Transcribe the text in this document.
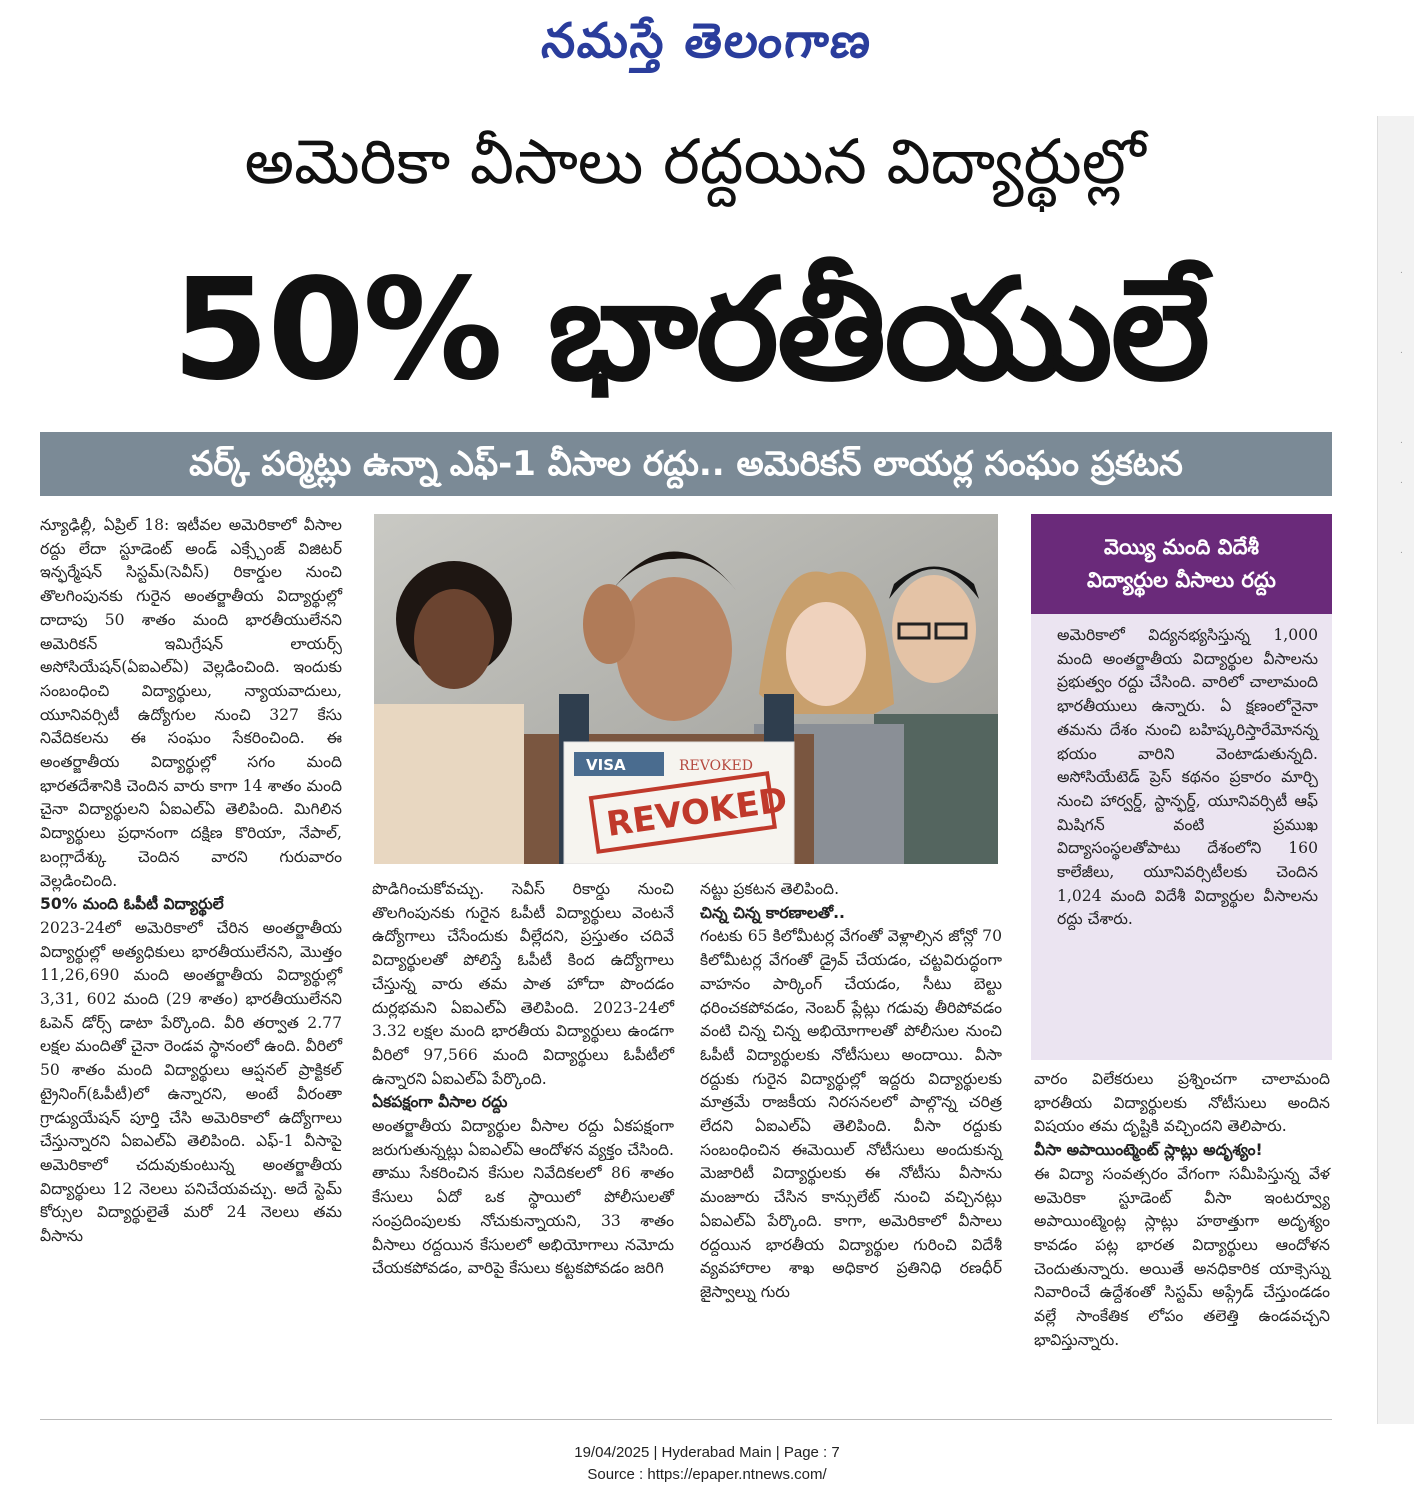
నమస్తే తెలంగాణ
.
.
.
.
.
అమెరికా వీసాలు రద్దయిన విద్యార్థుల్లో
50% భారతీయులే
వర్క్ పర్మిట్లు ఉన్నా ఎఫ్-1 వీసాల రద్దు.. అమెరికన్ లాయర్ల సంఘం ప్రకటన

న్యూఢిల్లీ, ఏప్రిల్ 18: ఇటీవల అమెరికాలో వీసాల రద్దు లేదా స్టూడెంట్ అండ్ ఎక్స్చేంజ్ విజిటర్ ఇన్ఫర్మేషన్ సిస్టమ్(సెవీస్) రికార్డుల నుంచి తొలగింపునకు గురైన అంతర్జాతీయ విద్యార్థుల్లో దాదాపు 50 శాతం మంది భారతీయులేనని అమెరికన్ ఇమిగ్రేషన్ లాయర్స్ అసోసియేషన్(ఏఐఎల్ఏ) వెల్లడించింది. ఇందుకు సంబంధించి విద్యార్థులు, న్యాయవాదులు, యూనివర్సిటీ ఉద్యోగుల నుంచి 327 కేసు నివేదికలను ఈ సంఘం సేకరించింది. ఈ అంతర్జాతీయ విద్యార్థుల్లో సగం మంది భారతదేశానికి చెందిన వారు కాగా 14 శాతం మంది చైనా విద్యార్థులని ఏఐఎల్ఏ తెలిపింది. మిగిలిన విద్యార్థులు ప్రధానంగా దక్షిణ కొరియా, నేపాల్, బంగ్లాదేశ్కు చెందిన వారని గురువారం వెల్లడించింది.

50% మంది ఓపీటీ విద్యార్థులే

2023-24లో అమెరికాలో చేరిన అంతర్జాతీయ విద్యార్థుల్లో అత్యధికులు భారతీయులేనని, మొత్తం 11,26,690 మంది అంతర్జాతీయ విద్యార్థుల్లో 3,31, 602 మంది (29 శాతం) భారతీయులేనని ఓపెన్ డోర్స్ డాటా పేర్కొంది. వీరి తర్వాత 2.77 లక్షల మందితో చైనా రెండవ స్థానంలో ఉంది. వీరిలో 50 శాతం మంది విద్యార్థులు ఆప్షనల్ ప్రాక్టికల్ ట్రైనింగ్(ఓపీటీ)లో ఉన్నారని, అంటే వీరంతా గ్రాడ్యుయేషన్ పూర్తి చేసి అమెరికాలో ఉద్యోగాలు చేస్తున్నారని ఏఐఎల్ఏ తెలిపింది. ఎఫ్-1 వీసాపై అమెరికాలో చదువుకుంటున్న అంతర్జాతీయ విద్యార్థులు 12 నెలలు పనిచేయవచ్చు. అదే స్టెమ్ కోర్సుల విద్యార్థులైతే మరో 24 నెలలు తమ వీసాను

VISA	REVOKED
REVOKED
వెయ్యి మంది విదేశీ
విద్యార్థుల వీసాలు రద్దు

అమెరికాలో విద్యనభ్యసిస్తున్న 1,000 మంది అంతర్జాతీయ విద్యార్థుల వీసాలను ప్రభుత్వం రద్దు చేసింది. వారిలో చాలామంది భారతీయులు ఉన్నారు. ఏ క్షణంలోనైనా తమను దేశం నుంచి బహిష్కరిస్తారేమోనన్న భయం వారిని వెంటాడుతున్నది. అసోసియేటెడ్ ప్రెస్ కథనం ప్రకారం మార్చి నుంచి హార్వర్డ్, స్టాన్ఫర్డ్, యూనివర్సిటీ ఆఫ్ మిషిగన్ వంటి ప్రముఖ విద్యాసంస్థలతోపాటు దేశంలోని 160 కాలేజీలు, యూనివర్సిటీలకు చెందిన 1,024 మంది విదేశీ విద్యార్థుల వీసాలను రద్దు చేశారు.

పొడిగించుకోవచ్చు. సెవీస్ రికార్డు నుంచి తొలగింపునకు గురైన ఓపీటీ విద్యార్థులు వెంటనే ఉద్యోగాలు చేసేందుకు వీల్లేదని, ప్రస్తుతం చదివే విద్యార్థులతో పోలిస్తే ఓపీటీ కింద ఉద్యోగాలు చేస్తున్న వారు తమ పాత హోదా పొందడం దుర్లభమని ఏఐఎల్ఏ తెలిపింది. 2023-24లో 3.32 లక్షల మంది భారతీయ విద్యార్థులు ఉండగా వీరిలో 97,566 మంది విద్యార్థులు ఓపీటీలో ఉన్నారని ఏఐఎల్ఏ పేర్కొంది.

ఏకపక్షంగా వీసాల రద్దు

అంతర్జాతీయ విద్యార్థుల వీసాల రద్దు ఏకపక్షంగా జరుగుతున్నట్లు ఏఐఎల్ఏ ఆందోళన వ్యక్తం చేసింది. తాము సేకరించిన కేసుల నివేదికలలో 86 శాతం కేసులు ఏదో ఒక స్థాయిలో పోలీసులతో సంప్రదింపులకు నోచుకున్నాయని, 33 శాతం వీసాలు రద్దయిన కేసులలో అభియోగాలు నమోదు చేయకపోవడం, వారిపై కేసులు కట్టకపోవడం జరిగి

నట్టు ప్రకటన తెలిపింది.

చిన్న చిన్న కారణాలతో..

గంటకు 65 కిలోమీటర్ల వేగంతో వెళ్లాల్సిన జోన్లో 70 కిలోమీటర్ల వేగంతో డ్రైవ్ చేయడం, చట్టవిరుద్ధంగా వాహనం పార్కింగ్ చేయడం, సీటు బెల్టు ధరించకపోవడం, నెంబర్ ప్లేట్లు గడువు తీరిపోవడం వంటి చిన్న చిన్న అభియోగాలతో పోలీసుల నుంచి ఓపీటీ విద్యార్థులకు నోటీసులు అందాయి. వీసా రద్దుకు గురైన విద్యార్థుల్లో ఇద్దరు విద్యార్థులకు మాత్రమే రాజకీయ నిరసనలలో పాల్గొన్న చరిత్ర లేదని ఏఐఎల్ఏ తెలిపింది. వీసా రద్దుకు సంబంధించిన ఈమెయిల్ నోటీసులు అందుకున్న మెజారిటీ విద్యార్థులకు ఈ నోటీసు వీసాను మంజూరు చేసిన కాన్సులేట్ నుంచి వచ్చినట్లు ఏఐఎల్ఏ పేర్కొంది. కాగా, అమెరికాలో వీసాలు రద్దయిన భారతీయ విద్యార్థుల గురించి విదేశీ వ్యవహారాల శాఖ అధికార ప్రతినిధి రణధీర్ జైస్వాల్ను గురు

వారం విలేకరులు ప్రశ్నించగా చాలామంది భారతీయ విద్యార్థులకు నోటీసులు అందిన విషయం తమ దృష్టికి వచ్చిందని తెలిపారు.

వీసా అపాయింట్మెంట్ స్లాట్లు అదృశ్యం!

ఈ విద్యా సంవత్సరం వేగంగా సమీపిస్తున్న వేళ అమెరికా స్టూడెంట్ వీసా ఇంటర్వ్యూ అపాయింట్మెంట్ల స్లాట్లు హఠాత్తుగా అదృశ్యం కావడం పట్ల భారత విద్యార్థులు ఆందోళన చెందుతున్నారు. అయితే అనధికారిక యాక్సెస్ను నివారించే ఉద్దేశంతో సిస్టమ్ అప్గ్రేడ్ చేస్తుండడం వల్లే సాంకేతిక లోపం తలెత్తి ఉండవచ్చని భావిస్తున్నారు.

19/04/2025 | Hyderabad Main | Page : 7
Source : https://epaper.ntnews.com/
